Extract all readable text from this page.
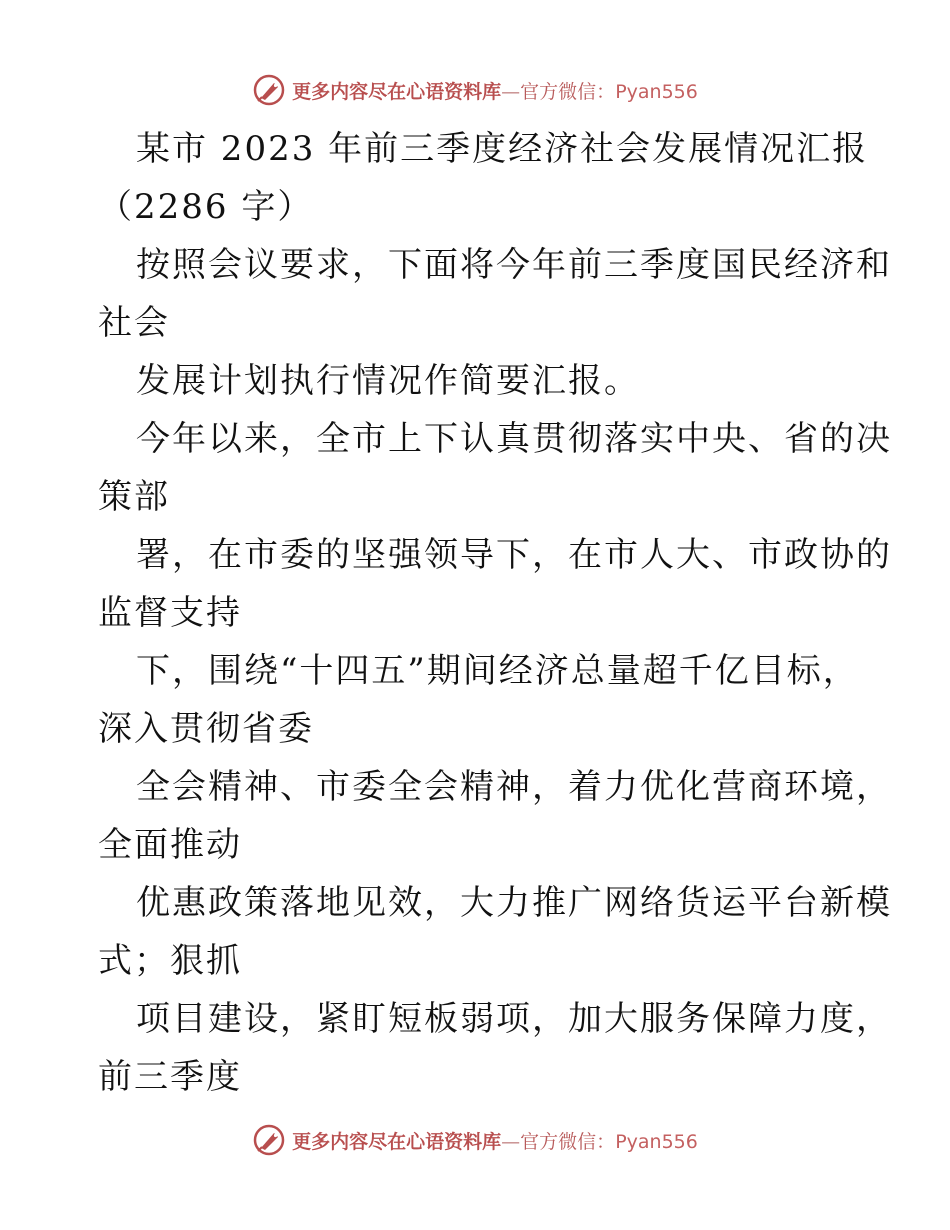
更多内容尽在心语资料库—官方微信：Pyan556
某市 2023 年前三季度经济社会发展情况汇报
（2286 字）
按照会议要求，下面将今年前三季度国民经济和
社会
发展计划执行情况作简要汇报。
今年以来，全市上下认真贯彻落实中央、省的决
策部
署，在市委的坚强领导下，在市人大、市政协的
监督支持
下，围绕“十四五”期间经济总量超千亿目标，
深入贯彻省委
全会精神、市委全会精神，着力优化营商环境，
全面推动
优惠政策落地见效，大力推广网络货运平台新模
式；狠抓
项目建设，紧盯短板弱项，加大服务保障力度，
前三季度
更多内容尽在心语资料库—官方微信：Pyan556
